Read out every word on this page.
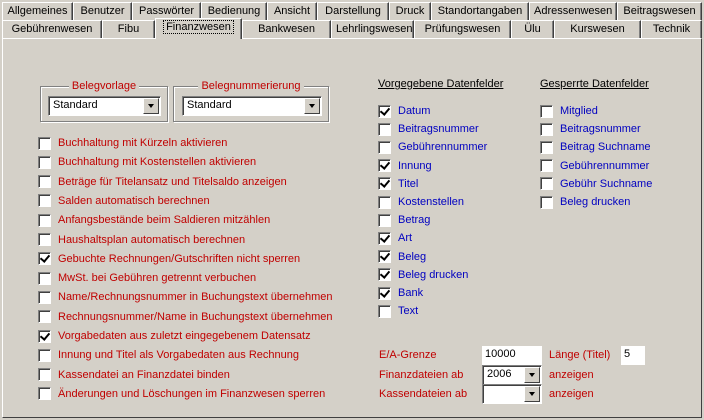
Allgemeines	Benutzer	Passwörter	Bedienung	Ansicht	Darstellung	Druck	Standortangaben	Adressenwesen	Beitragswesen
Gebührenwesen	Fibu	Finanzwesen	Bankwesen	Lehrlingswesen	Prüfungswesen	Ülu	Kurswesen	Technik
Belegvorlage
Standard
Belegnummerierung
Standard
Buchhaltung mit Kürzeln aktivieren
Buchhaltung mit Kostenstellen aktivieren
Beträge für Titelansatz und Titelsaldo anzeigen
Salden automatisch berechnen
Anfangsbestände beim Saldieren mitzählen
Haushaltsplan automatisch berechnen
Gebuchte Rechnungen/Gutschriften nicht sperren
MwSt. bei Gebühren getrennt verbuchen
Name/Rechnungsnummer in Buchungstext übernehmen
Rechnungsnummer/Name in Buchungstext übernehmen
Vorgabedaten aus zuletzt eingegebenem Datensatz
Innung und Titel als Vorgabedaten aus Rechnung
Kassendatei an Finanzdatei binden
Änderungen und Löschungen im Finanzwesen sperren
Vorgegebene Datenfelder
Datum
Beitragsnummer
Gebührennummer
Innung
Titel
Kostenstellen
Betrag
Art
Beleg
Beleg drucken
Bank
Text
Gesperrte Datenfelder
Mitglied
Beitragsnummer
Beitrag Suchname
Gebührennummer
Gebühr Suchname
Beleg drucken
E/A-Grenze	10000	Länge (Titel) 5
Finanzdateien ab 2006	anzeigen
Kassendateien ab	anzeigen
